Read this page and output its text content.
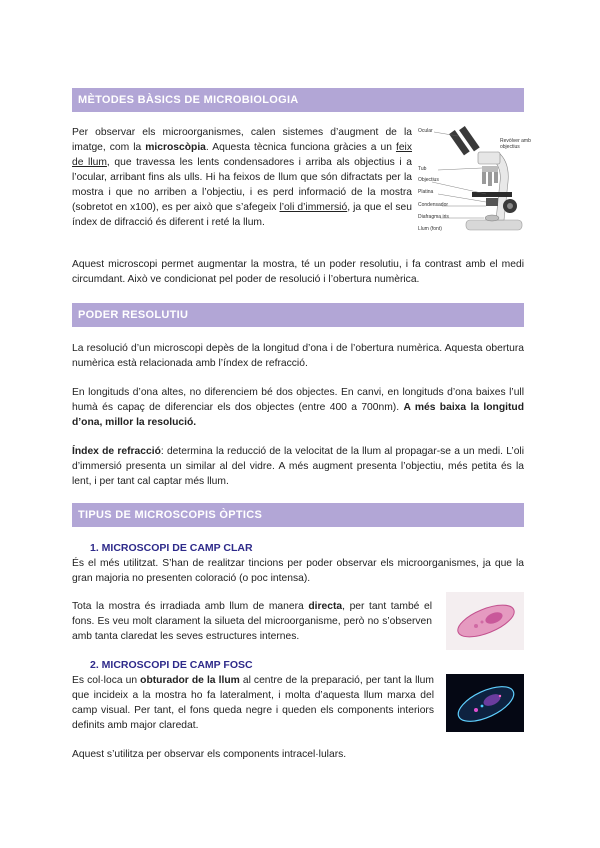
MÈTODES BÀSICS DE MICROBIOLOGIA

Per observar els microorganismes, calen sistemes d’augment de la imatge, com la microscòpia. Aquesta tècnica funciona gràcies a un feix de llum, que travessa les lents condensadores i arriba als objectius i a l’ocular, arribant fins als ulls. Hi ha feixos de llum que són difractats per la mostra i que no arriben a l’objectiu, i es perd informació de la mostra (sobretot en x100), es per això que s’afegeix l’oli d’immersió, ja que el seu índex de difracció és diferent i reté la llum.

Ocular
Tub
Revòlver amb
objectius
Objectius
Platina
Condensador
Diafragma iris
Llum (font)

Aquest microscopi permet augmentar la mostra, té un poder resolutiu, i fa contrast amb el medi circumdant. Això ve condicionat pel poder de resolució i l’obertura numèrica.

PODER RESOLUTIU

La resolució d’un microscopi depès de la longitud d’ona i de l’obertura numèrica. Aquesta obertura numèrica està relacionada amb l’índex de refracció.

En longituds d’ona altes, no diferenciem bé dos objectes. En canvi, en longituds d’ona baixes l’ull humà és capaç de diferenciar els dos objectes (entre 400 a 700nm). A més baixa la longitud d’ona, millor la resolució.

Índex de refracció: determina la reducció de la velocitat de la llum al propagar-se a un medi. L’oli d’immersió presenta un similar al del vidre. A més augment presenta l’objectiu, més petita és la lent, i per tant cal captar més llum.

TIPUS DE MICROSCOPIS ÒPTICS

1. MICROSCOPI DE CAMP CLAR

És el més utilitzat. S’han de realitzar tincions per poder observar els microorganismes, ja que la gran majoria no presenten coloració (o poc intensa).

Tota la mostra és irradiada amb llum de manera directa, per tant també el fons. Es veu molt clarament la silueta del microorganisme, però no s’observen amb tanta claredat les seves estructures internes.

2. MICROSCOPI DE CAMP FOSC

Es col·loca un obturador de la llum al centre de la preparació, per tant la llum que incideix a la mostra ho fa lateralment, i molta d’aquesta llum marxa del camp visual. Per tant, el fons queda negre i queden els components interiors definits amb major claredat.

Aquest s’utilitza per observar els components intracel·lulars.
